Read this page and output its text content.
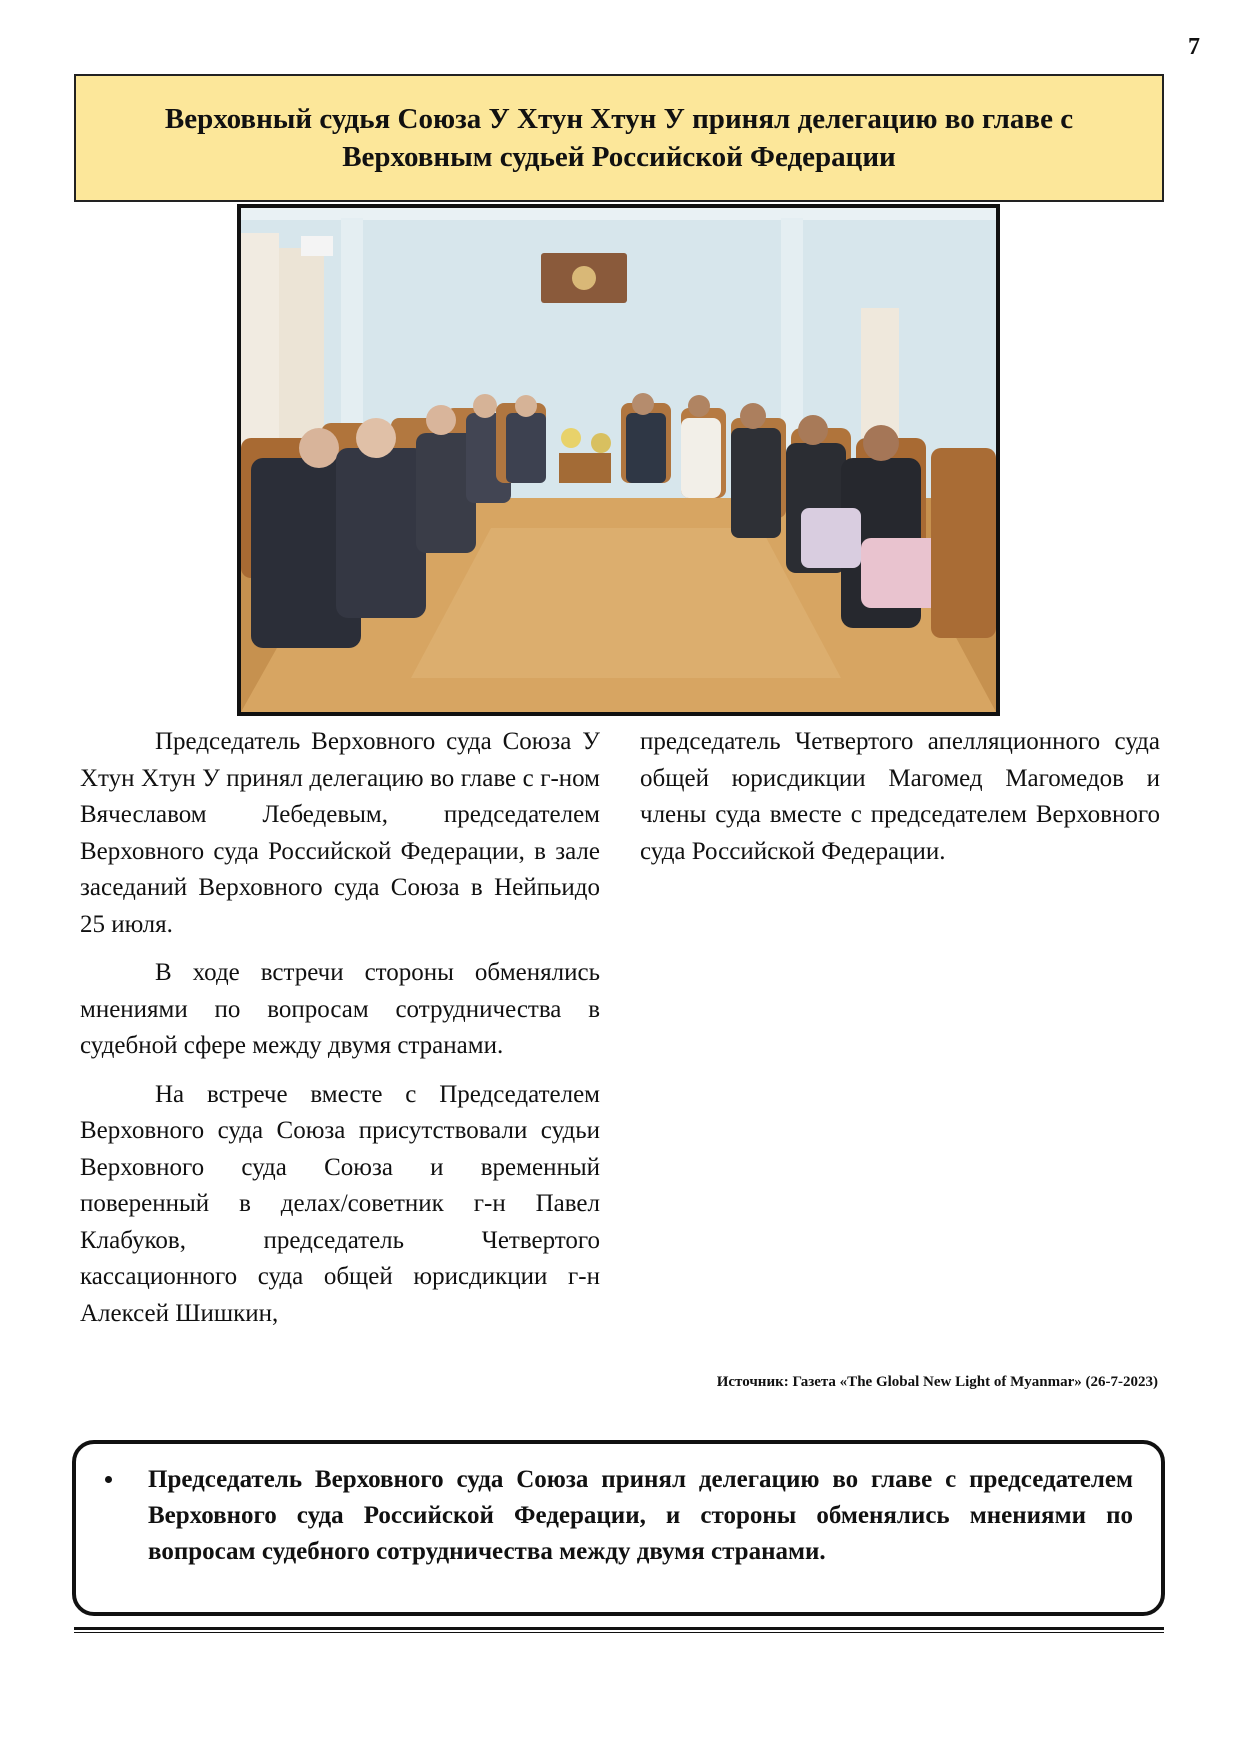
7
Верховный судья Союза У Хтун Хтун У принял делегацию во главе с Верховным судьей Российской Федерации

Председатель Верховного суда Союза У Хтун Хтун У принял делегацию во главе с г-ном Вячеславом Лебедевым, председателем Верховного суда Российской Федерации, в зале заседаний Верховного суда Союза в Нейпьидо 25 июля.

В ходе встречи стороны обменялись мнениями по вопросам сотрудничества в судебной сфере между двумя странами.

На встрече вместе с Председателем Верховного суда Союза присутствовали судьи Верховного суда Союза и временный поверенный в делах/советник г-н Павел Клабуков, председатель Четвертого кассационного суда общей юрисдикции г-н Алексей Шишкин,

председатель Четвертого апелляционного суда общей юрисдикции Магомед Магомедов и члены суда вместе с председателем Верховного суда Российской Федерации.

Источник: Газета «The Global New Light of Myanmar» (26-7-2023)
• Председатель Верховного суда Союза принял делегацию во главе с председателем Верховного суда Российской Федерации, и стороны обменялись мнениями по вопросам судебного сотрудничества между двумя странами.
